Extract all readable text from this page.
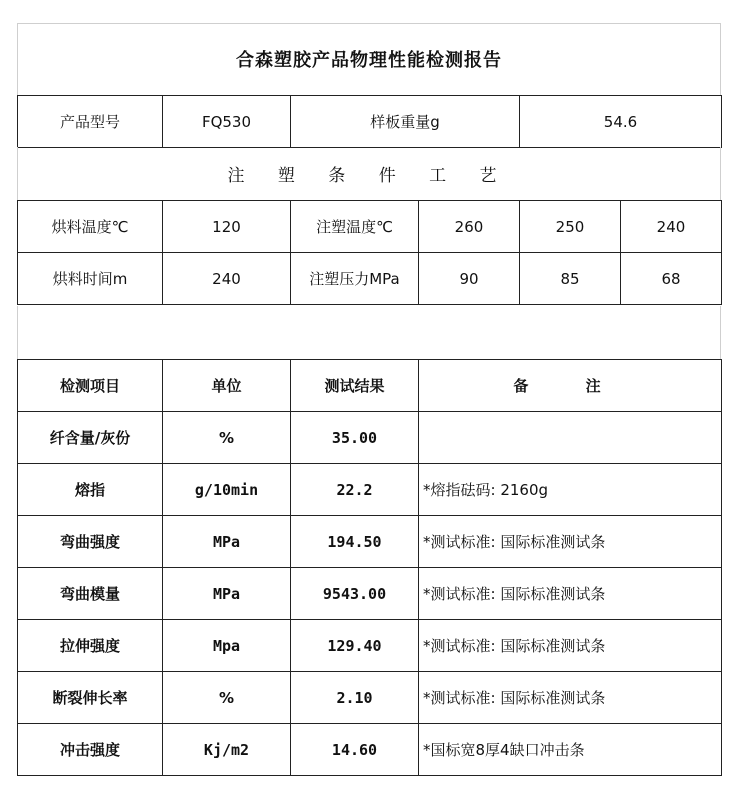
合森塑胶产品物理性能检测报告
产品型号	FQ530	样板重量g	54.6
注 塑 条 件 工 艺
烘料温度℃	120	注塑温度℃	260	250	240
烘料时间m	240	注塑压力MPa	90	85	68
检测项目	单位	测试结果	备 注
纤含量/灰份	%	35.00	
熔指	g/10min	22.2	*熔指砝码: 2160g
弯曲强度	MPa	194.50	*测试标准: 国际标准测试条
弯曲模量	MPa	9543.00	*测试标准: 国际标准测试条
拉伸强度	Mpa	129.40	*测试标准: 国际标准测试条
断裂伸长率	%	2.10	*测试标准: 国际标准测试条
冲击强度	Kj/m2	14.60	*国标宽8厚4缺口冲击条
